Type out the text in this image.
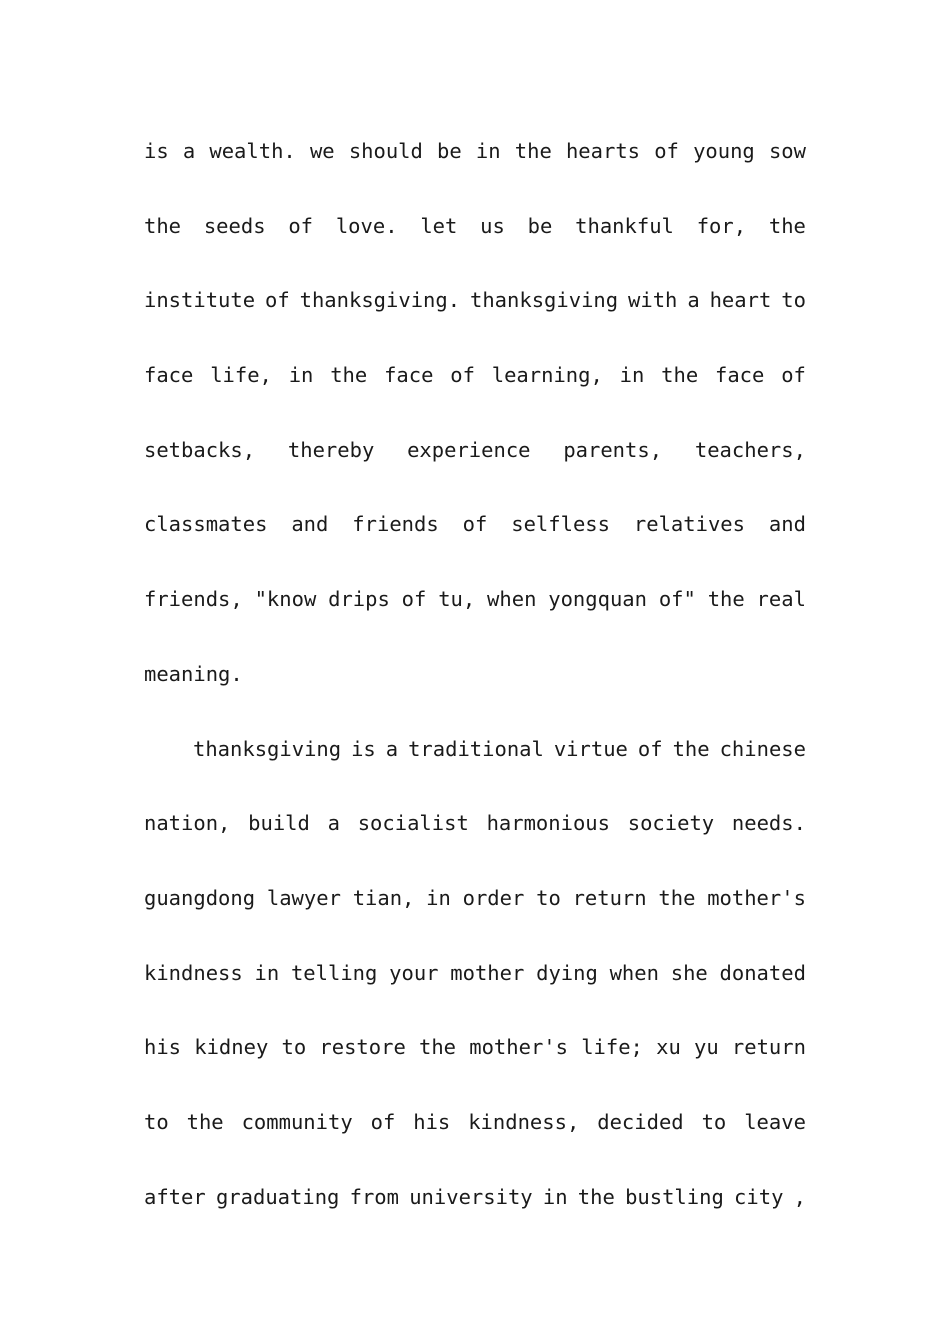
is a wealth. we should be in the hearts of young sow
the seeds of love. let us be thankful for, the
institute of thanksgiving. thanksgiving with a heart to
face life, in the face of learning, in the face of
setbacks, thereby experience parents, teachers,
classmates and friends of selfless relatives and
friends, "know drips of tu, when yongquan of" the real
meaning.
thanksgiving is a traditional virtue of the chinese
nation, build a socialist harmonious society needs.
guangdong lawyer tian, in order to return the mother's
kindness in telling your mother dying when she donated
his kidney to restore the mother's life; xu yu return
to the community of his kindness, decided to leave
after graduating from university in the bustling city ,
